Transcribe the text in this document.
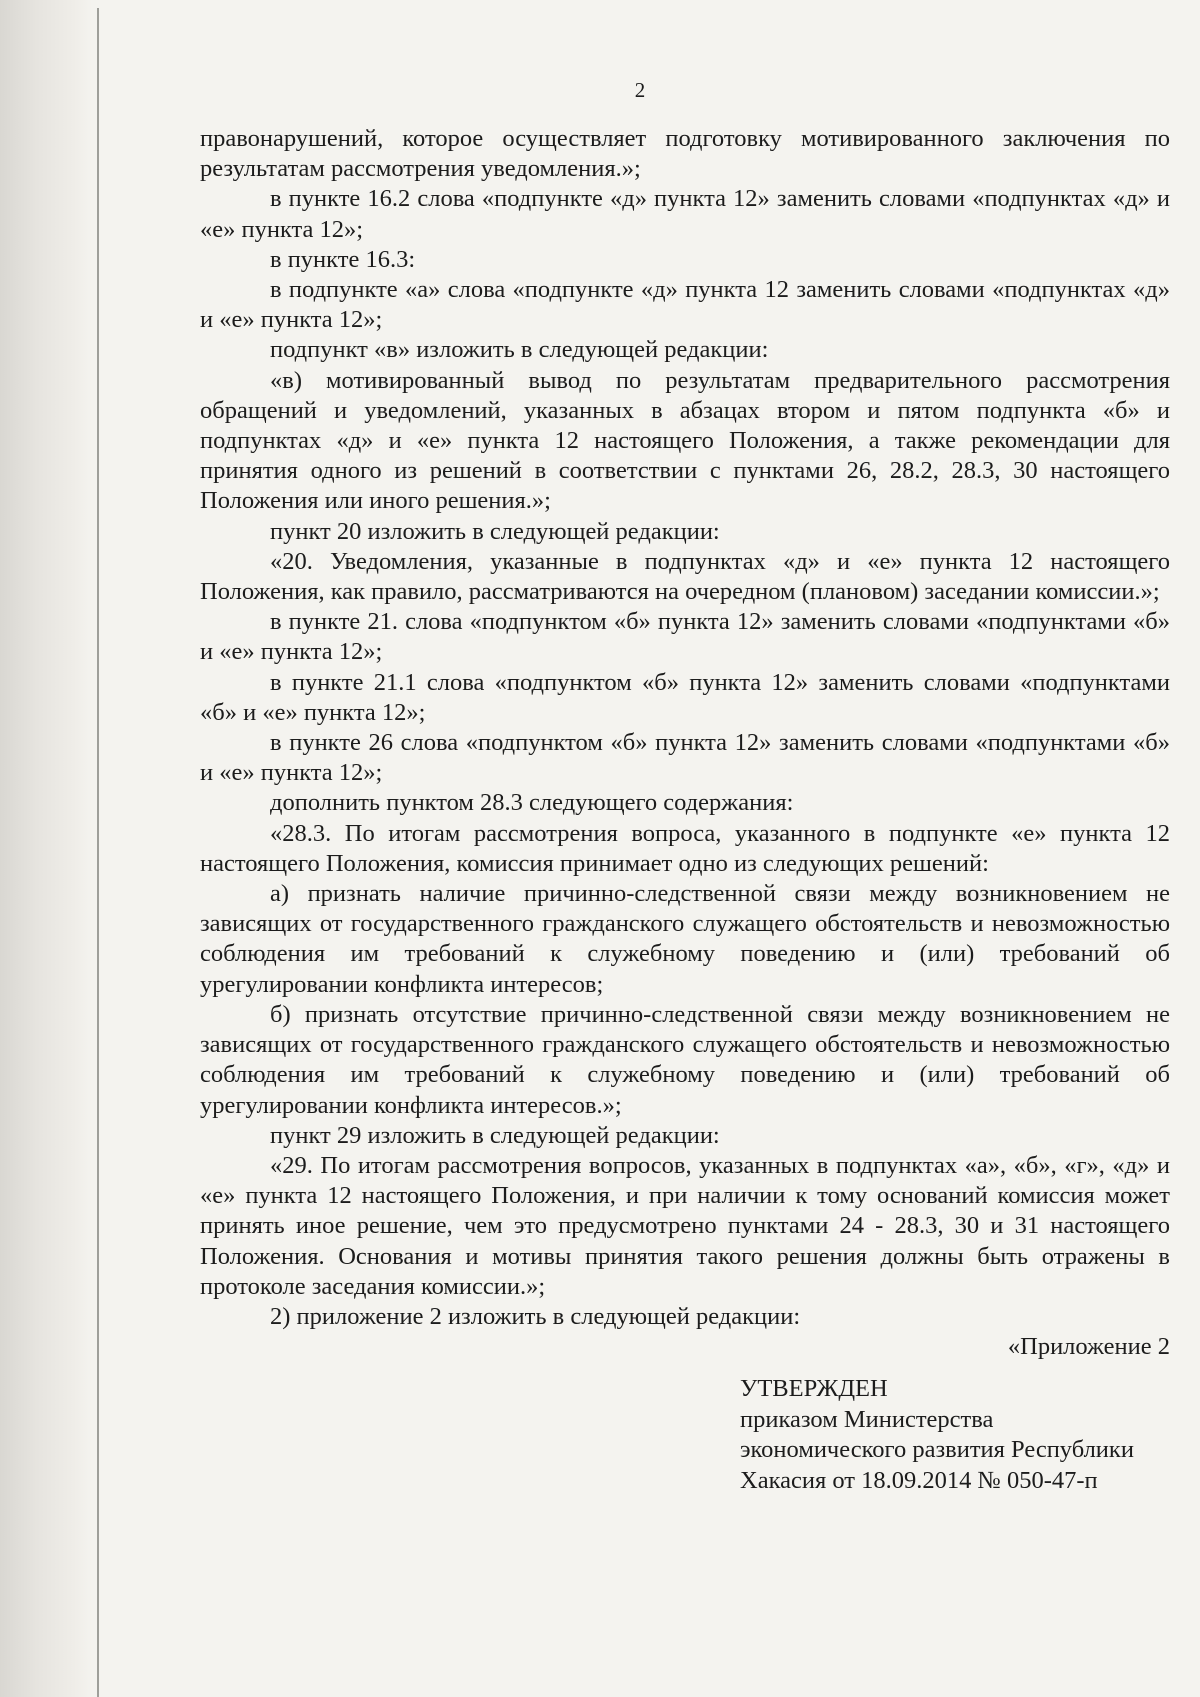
2

правонарушений, которое осуществляет подготовку мотивированного заключения по результатам рассмотрения уведомления.»;

в пункте 16.2 слова «подпункте «д» пункта 12» заменить словами «подпунктах «д» и «е» пункта 12»;

в пункте 16.3:

в подпункте «а» слова «подпункте «д» пункта 12 заменить словами «подпунктах «д» и «е» пункта 12»;

подпункт «в» изложить в следующей редакции:

«в) мотивированный вывод по результатам предварительного рассмотрения обращений и уведомлений, указанных в абзацах втором и пятом подпункта «б» и подпунктах «д» и «е» пункта 12 настоящего Положения, а также рекомендации для принятия одного из решений в соответствии с пунктами 26, 28.2, 28.3, 30 настоящего Положения или иного решения.»;

пункт 20 изложить в следующей редакции:

«20. Уведомления, указанные в подпунктах «д» и «е» пункта 12 настоящего Положения, как правило, рассматриваются на очередном (плановом) заседании комиссии.»;

в пункте 21. слова «подпунктом «б» пункта 12» заменить словами «подпунктами «б» и «е» пункта 12»;

в пункте 21.1 слова «подпунктом «б» пункта 12» заменить словами «подпунктами «б» и «е» пункта 12»;

в пункте 26 слова «подпунктом «б» пункта 12» заменить словами «подпунктами «б» и «е» пункта 12»;

дополнить пунктом 28.3 следующего содержания:

«28.3. По итогам рассмотрения вопроса, указанного в подпункте «е» пункта 12 настоящего Положения, комиссия принимает одно из следующих решений:

а) признать наличие причинно-следственной связи между возникновением не зависящих от государственного гражданского служащего обстоятельств и невозможностью соблюдения им требований к служебному поведению и (или) требований об урегулировании конфликта интересов;

б) признать отсутствие причинно-следственной связи между возникновением не зависящих от государственного гражданского служащего обстоятельств и невозможностью соблюдения им требований к служебному поведению и (или) требований об урегулировании конфликта интересов.»;

пункт 29 изложить в следующей редакции:

«29. По итогам рассмотрения вопросов, указанных в подпунктах «а», «б», «г», «д» и «е» пункта 12 настоящего Положения, и при наличии к тому оснований комиссия может принять иное решение, чем это предусмотрено пунктами 24 - 28.3, 30 и 31 настоящего Положения. Основания и мотивы принятия такого решения должны быть отражены в протоколе заседания комиссии.»;

2) приложение 2 изложить в следующей редакции:

«Приложение 2

УТВЕРЖДЕН
приказом Министерства
экономического развития Республики
Хакасия от 18.09.2014 № 050-47-п
